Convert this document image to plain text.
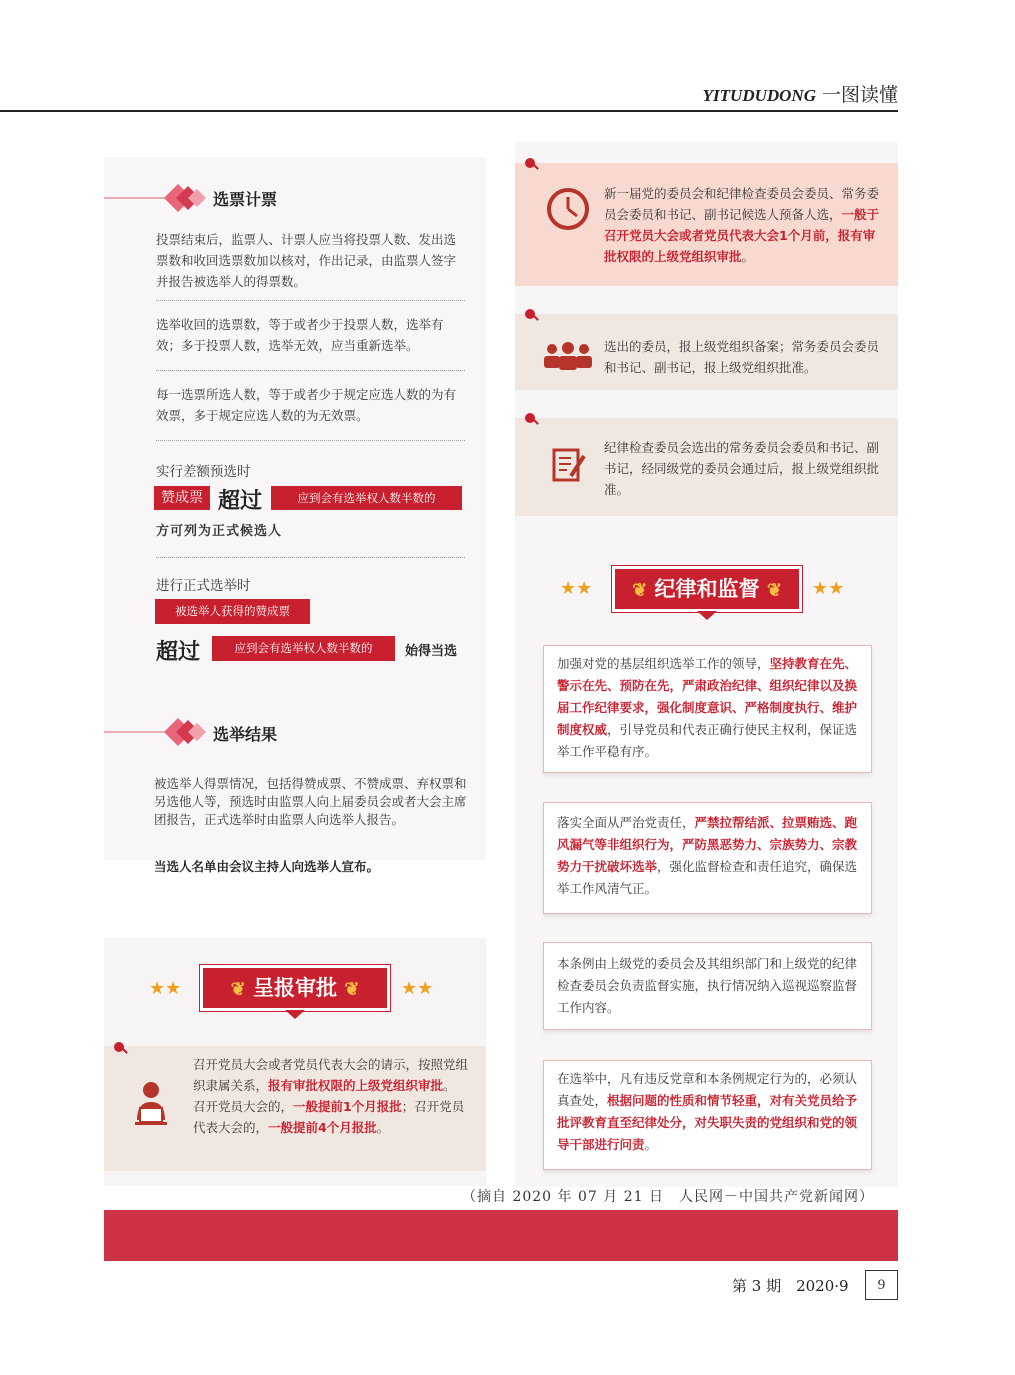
YITUDUDONG 一图读懂
选票计票
投票结束后，监票人、计票人应当将投票人数、发出选票数和收回选票数加以核对，作出记录，由监票人签字并报告被选举人的得票数。
选举收回的选票数，等于或者少于投票人数，选举有效；多于投票人数，选举无效，应当重新选举。
每一选票所选人数，等于或者少于规定应选人数的为有效票，多于规定应选人数的为无效票。
实行差额预选时
赞成票 超过	应到会有选举权人数半数的
方可列为正式候选人
进行正式选举时
被选举人获得的赞成票
超过	应到会有选举权人数半数的	始得当选
选举结果
被选举人得票情况，包括得赞成票、不赞成票、弃权票和另选他人等，预选时由监票人向上届委员会或者大会主席团报告，正式选举时由监票人向选举人报告。
当选人名单由会议主持人向选举人宣布。
★★	★★
❦ 呈报审批 ❦
召开党员大会或者党员代表大会的请示，按照党组织隶属关系，报有审批权限的上级党组织审批。召开党员大会的，一般提前1个月报批；召开党员代表大会的，一般提前4个月报批。
新一届党的委员会和纪律检查委员会委员、常务委员会委员和书记、副书记候选人预备人选，一般于召开党员大会或者党员代表大会1个月前，报有审批权限的上级党组织审批。
选出的委员，报上级党组织备案；常务委员会委员和书记、副书记，报上级党组织批准。
纪律检查委员会选出的常务委员会委员和书记、副书记，经同级党的委员会通过后，报上级党组织批准。
★★	★★
❦ 纪律和监督 ❦
加强对党的基层组织选举工作的领导，坚持教育在先、警示在先、预防在先，严肃政治纪律、组织纪律以及换届工作纪律要求，强化制度意识、严格制度执行、维护制度权威，引导党员和代表正确行使民主权利，保证选举工作平稳有序。
落实全面从严治党责任，严禁拉帮结派、拉票贿选、跑风漏气等非组织行为，严防黑恶势力、宗族势力、宗教势力干扰破坏选举，强化监督检查和责任追究，确保选举工作风清气正。
本条例由上级党的委员会及其组织部门和上级党的纪律检查委员会负责监督实施，执行情况纳入巡视巡察监督工作内容。
在选举中，凡有违反党章和本条例规定行为的，必须认真查处，根据问题的性质和情节轻重，对有关党员给予批评教育直至纪律处分，对失职失责的党组织和党的领导干部进行问责。
（摘自 2020 年 07 月 21 日　人民网－中国共产党新闻网）
第 3 期　2020·9	9
